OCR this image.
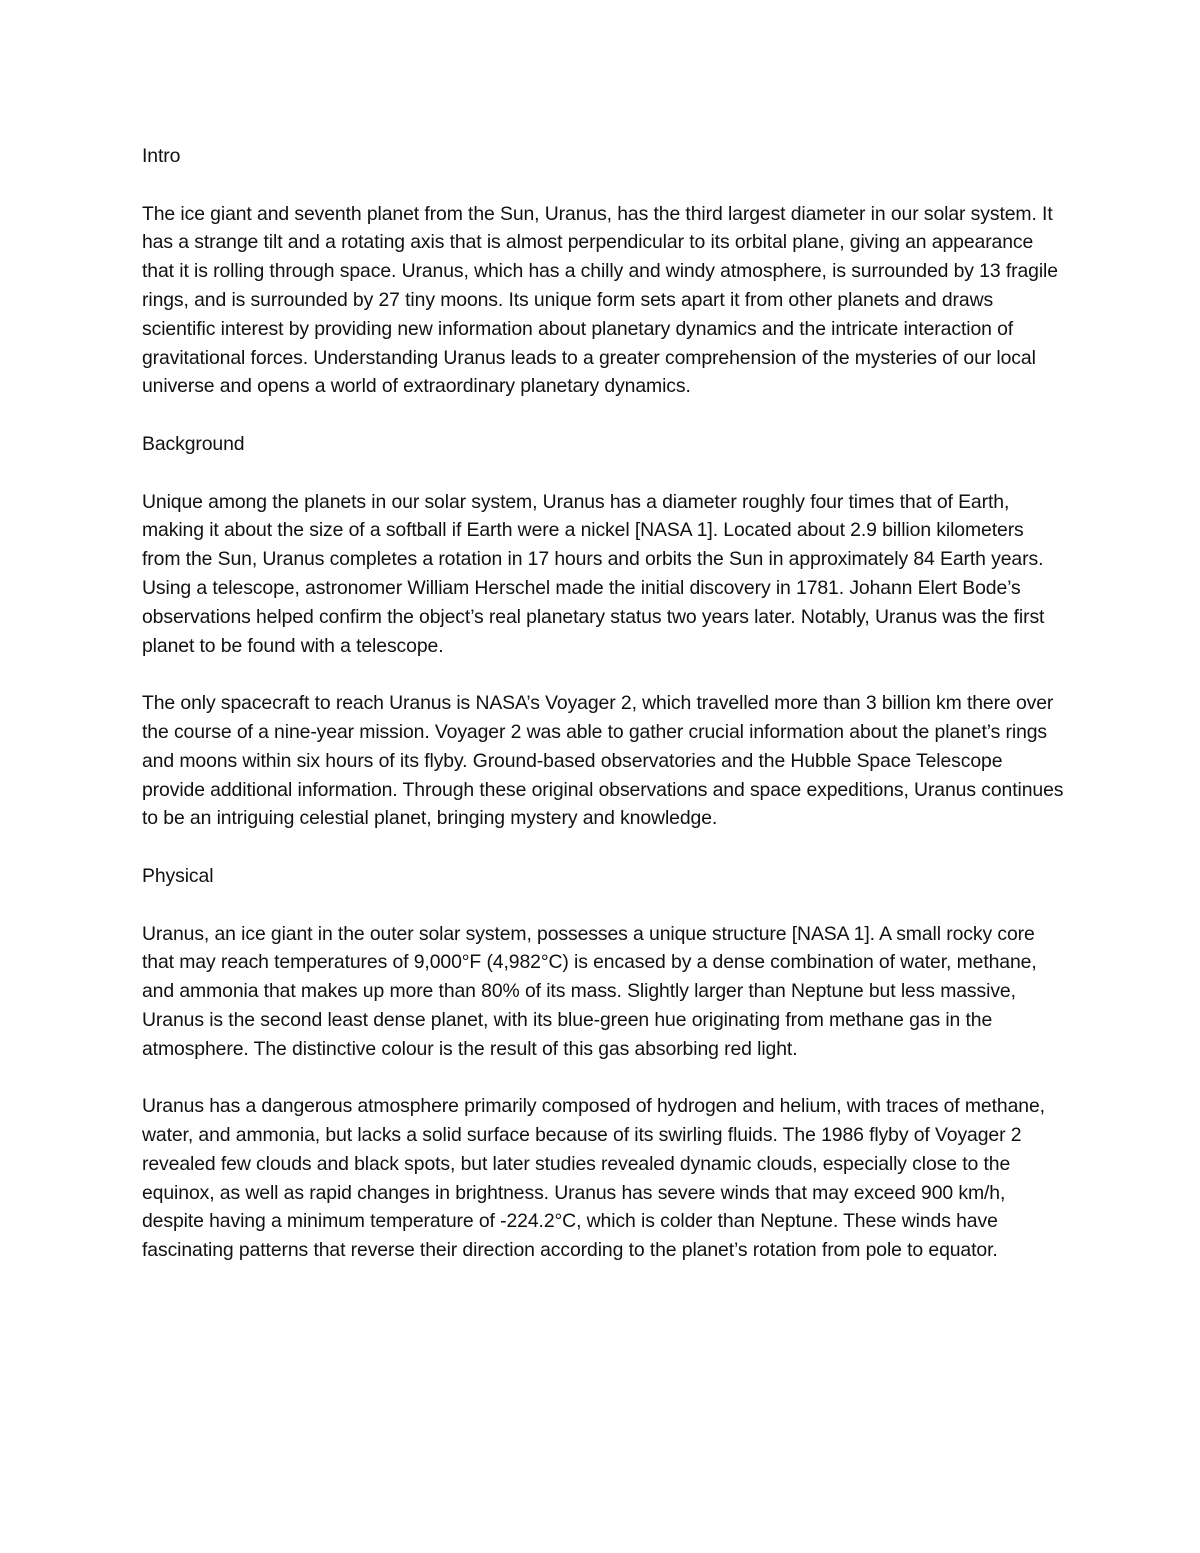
Intro

The ice giant and seventh planet from the Sun, Uranus, has the third largest diameter in our solar system. It has a strange tilt and a rotating axis that is almost perpendicular to its orbital plane, giving an appearance that it is rolling through space. Uranus, which has a chilly and windy atmosphere, is surrounded by 13 fragile rings, and is surrounded by 27 tiny moons. Its unique form sets apart it from other planets and draws scientific interest by providing new information about planetary dynamics and the intricate interaction of gravitational forces. Understanding Uranus leads to a greater comprehension of the mysteries of our local universe and opens a world of extraordinary planetary dynamics.

Background

Unique among the planets in our solar system, Uranus has a diameter roughly four times that of Earth, making it about the size of a softball if Earth were a nickel [NASA 1]. Located about 2.9 billion kilometers from the Sun, Uranus completes a rotation in 17 hours and orbits the Sun in approximately 84 Earth years. Using a telescope, astronomer William Herschel made the initial discovery in 1781. Johann Elert Bode’s observations helped confirm the object’s real planetary status two years later. Notably, Uranus was the first planet to be found with a telescope.

The only spacecraft to reach Uranus is NASA’s Voyager 2, which travelled more than 3 billion km there over the course of a nine-year mission. Voyager 2 was able to gather crucial information about the planet’s rings and moons within six hours of its flyby. Ground-based observatories and the Hubble Space Telescope provide additional information. Through these original observations and space expeditions, Uranus continues to be an intriguing celestial planet, bringing mystery and knowledge.

Physical

Uranus, an ice giant in the outer solar system, possesses a unique structure [NASA 1]. A small rocky core that may reach temperatures of 9,000°F (4,982°C) is encased by a dense combination of water, methane, and ammonia that makes up more than 80% of its mass. Slightly larger than Neptune but less massive, Uranus is the second least dense planet, with its blue-green hue originating from methane gas in the atmosphere. The distinctive colour is the result of this gas absorbing red light.

Uranus has a dangerous atmosphere primarily composed of hydrogen and helium, with traces of methane, water, and ammonia, but lacks a solid surface because of its swirling fluids. The 1986 flyby of Voyager 2 revealed few clouds and black spots, but later studies revealed dynamic clouds, especially close to the equinox, as well as rapid changes in brightness. Uranus has severe winds that may exceed 900 km/h, despite having a minimum temperature of -224.2°C, which is colder than Neptune. These winds have fascinating patterns that reverse their direction according to the planet’s rotation from pole to equator.
